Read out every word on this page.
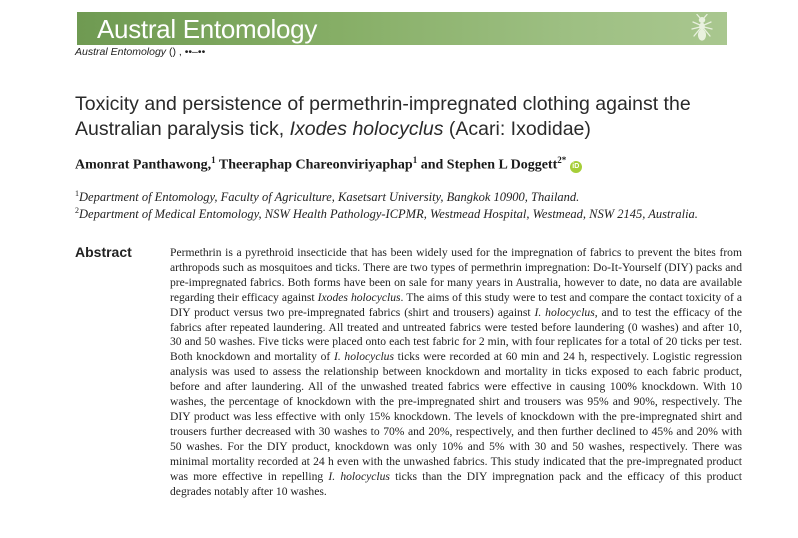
Austral Entomology
Austral Entomology () , ••–••
Toxicity and persistence of permethrin-impregnated clothing against the Australian paralysis tick, Ixodes holocyclus (Acari: Ixodidae)
Amonrat Panthawong,$^1$ Theeraphap Chareonviriyaphap$^1$ and Stephen L Doggett$^{2*}$ iD
$^1$Department of Entomology, Faculty of Agriculture, Kasetsart University, Bangkok 10900, Thailand.
$^2$Department of Medical Entomology, NSW Health Pathology-ICPMR, Westmead Hospital, Westmead, NSW 2145, Australia.
Abstract	Permethrin is a pyrethroid insecticide that has been widely used for the impregnation of fabrics to prevent the bites from arthropods such as mosquitoes and ticks. There are two types of permethrin impregnation: Do-It-Yourself (DIY) packs and pre-impregnated fabrics. Both forms have been on sale for many years in Australia, however to date, no data are available regarding their efficacy against Ixodes holocyclus. The aims of this study were to test and compare the contact toxicity of a DIY product versus two pre-impregnated fabrics (shirt and trousers) against I. holocyclus, and to test the efficacy of the fabrics after repeated laundering. All treated and untreated fabrics were tested before laundering (0 washes) and after 10, 30 and 50 washes. Five ticks were placed onto each test fabric for 2 min, with four replicates for a total of 20 ticks per test. Both knockdown and mortality of I. holocyclus ticks were recorded at 60 min and 24 h, respectively. Logistic regression analysis was used to assess the relationship between knockdown and mortality in ticks exposed to each fabric product, before and after laundering. All of the unwashed treated fabrics were effective in causing 100% knockdown. With 10 washes, the percentage of knockdown with the pre-impregnated shirt and trousers was 95% and 90%, respectively. The DIY product was less effective with only 15% knockdown. The levels of knockdown with the pre-impregnated shirt and trousers further decreased with 30 washes to 70% and 20%, respectively, and then further declined to 45% and 20% with 50 washes. For the DIY product, knockdown was only 10% and 5% with 30 and 50 washes, respectively. There was minimal mortality recorded at 24 h even with the unwashed fabrics. This study indicated that the pre-impregnated product was more effective in repelling I. holocyclus ticks than the DIY impregnation pack and the efficacy of this product degrades notably after 10 washes.
